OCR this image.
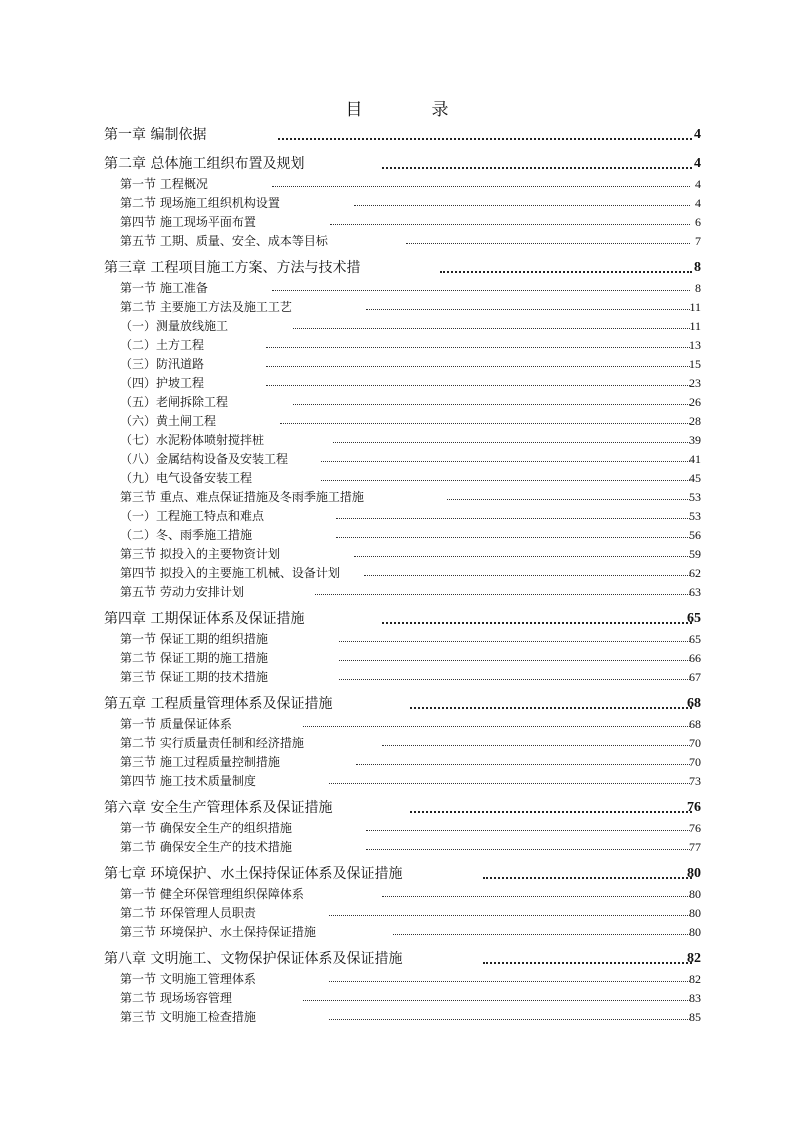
目　录
第一章 编制依据	4
第二章 总体施工组织布置及规划	4
第一节 工程概况	4
第二节 现场施工组织机构设置	4
第四节 施工现场平面布置	6
第五节 工期、质量、安全、成本等目标	7
第三章 工程项目施工方案、方法与技术措	8
第一节 施工准备	8
第二节 主要施工方法及施工工艺	11
（一）测量放线施工	11
（二）土方工程	13
（三）防汛道路	15
（四）护坡工程	23
（五）老闸拆除工程	26
（六）黄土闸工程	28
（七）水泥粉体喷射搅拌桩	39
（八）金属结构设备及安装工程	41
（九）电气设备安装工程	45
第三节 重点、难点保证措施及冬雨季施工措施	53
（一）工程施工特点和难点	53
（二）冬、雨季施工措施	56
第三节 拟投入的主要物资计划	59
第四节 拟投入的主要施工机械、设备计划	62
第五节 劳动力安排计划	63
第四章 工期保证体系及保证措施	65
第一节 保证工期的组织措施	65
第二节 保证工期的施工措施	66
第三节 保证工期的技术措施	67
第五章 工程质量管理体系及保证措施	68
第一节 质量保证体系	68
第二节 实行质量责任制和经济措施	70
第三节 施工过程质量控制措施	70
第四节 施工技术质量制度	73
第六章 安全生产管理体系及保证措施	76
第一节 确保安全生产的组织措施	76
第二节 确保安全生产的技术措施	77
第七章 环境保护、水土保持保证体系及保证措施	80
第一节 健全环保管理组织保障体系	80
第二节 环保管理人员职责	80
第三节 环境保护、水土保持保证措施	80
第八章 文明施工、文物保护保证体系及保证措施	82
第一节 文明施工管理体系	82
第二节 现场场容管理	83
第三节 文明施工检查措施	85
